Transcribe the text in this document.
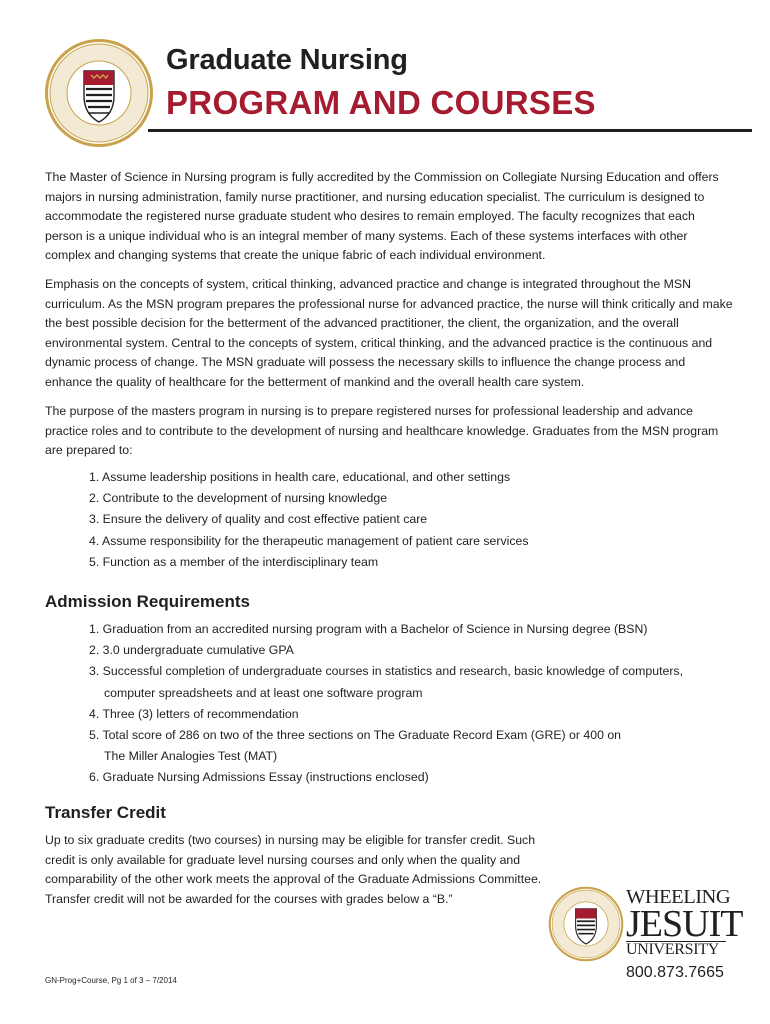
Graduate Nursing
PROGRAM AND COURSES

The Master of Science in Nursing program is fully accredited by the Commission on Collegiate Nursing Education and offers majors in nursing administration, family nurse practitioner, and nursing education specialist. The curriculum is designed to accommodate the registered nurse graduate student who desires to remain employed. The faculty recognizes that each person is a unique individual who is an integral member of many systems. Each of these systems interfaces with other complex and changing systems that create the unique fabric of each individual environment.

Emphasis on the concepts of system, critical thinking, advanced practice and change is integrated throughout the MSN curriculum. As the MSN program prepares the professional nurse for advanced practice, the nurse will think critically and make the best possible decision for the betterment of the advanced practitioner, the client, the organization, and the overall environmental system. Central to the concepts of system, critical thinking, and the advanced practice is the continuous and dynamic process of change. The MSN graduate will possess the necessary skills to influence the change process and enhance the quality of healthcare for the betterment of mankind and the overall health care system.

The purpose of the masters program in nursing is to prepare registered nurses for professional leadership and advance practice roles and to contribute to the development of nursing and healthcare knowledge. Graduates from the MSN program are prepared to:

1. Assume leadership positions in health care, educational, and other settings
2. Contribute to the development of nursing knowledge
3. Ensure the delivery of quality and cost effective patient care
4. Assume responsibility for the therapeutic management of patient care services
5. Function as a member of the interdisciplinary team
Admission Requirements
1. Graduation from an accredited nursing program with a Bachelor of Science in Nursing degree (BSN)
2. 3.0 undergraduate cumulative GPA
3. Successful completion of undergraduate courses in statistics and research, basic knowledge of computers,
computer spreadsheets and at least one software program
4. Three (3) letters of recommendation
5. Total score of 286 on two of the three sections on The Graduate Record Exam (GRE) or 400 on
The Miller Analogies Test (MAT)
6. Graduate Nursing Admissions Essay (instructions enclosed)
Transfer Credit

Up to six graduate credits (two courses) in nursing may be eligible for transfer credit. Such credit is only available for graduate level nursing courses and only when the quality and comparability of the other work meets the approval of the Graduate Admissions Committee. Transfer credit will not be awarded for the courses with grades below a “B.”

GN-Prog+Course, Pg 1 of 3 – 7/2014

WHEELING

JESUIT

UNIVERSITY

800.873.7665
